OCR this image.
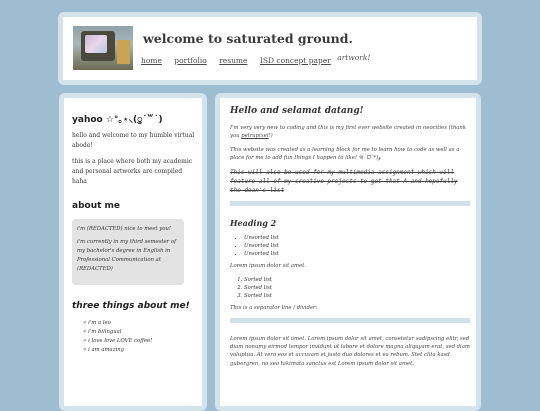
welcome to saturated ground.
home portfolio resume ISD concept paper artwork!

yahoo ☆°｡⋆⸜(ु˙꒳˙)

hello and welcome to my humble virtual abode!

this is a place where both my academic and personal artworks are compiled haha

about me

i'm (REDACTED) nice to meet you!

i'm currently in my third semester of my bachelor's degree in English in Professional Communication at (REDACTED)

three things about me!
✧ i'm a leo
✧ i'm bilingual
✧ i love love LOVE coffee!
✧ i am amazing
Hello and selamat datang!

I'm very very new to coding and this is my first ever website created in neocities (thank you petrapixel!)

This website was created as a learning block for me to learn how to code as well as a place for me to add fun things I happen to like! ٩(ˊᗜˋ*)و

This will also be used for my multimedia assignment which will feature all of my creative projects to get that A and hopefully the dean's list

Heading 2
• Unsorted list
• Unsorted list
• Unsorted list

Lorem ipsum dolor sit amet.

1. Sorted list
2. Sorted list
3. Sorted list

This is a separator line / divider:

Lorem ipsum dolor sit amet. Lorem ipsum dolor sit amet, consetetur sadipscing elitr, sed diam nonumy eirmod tempor invidunt ut labore et dolore magna aliquyam erat, sed diam voluptua. At vero eos et accusam et justo duo dolores et ea rebum. Stet clita kasd gubergren, no sea takimata sanctus est Lorem ipsum dolor sit amet.
